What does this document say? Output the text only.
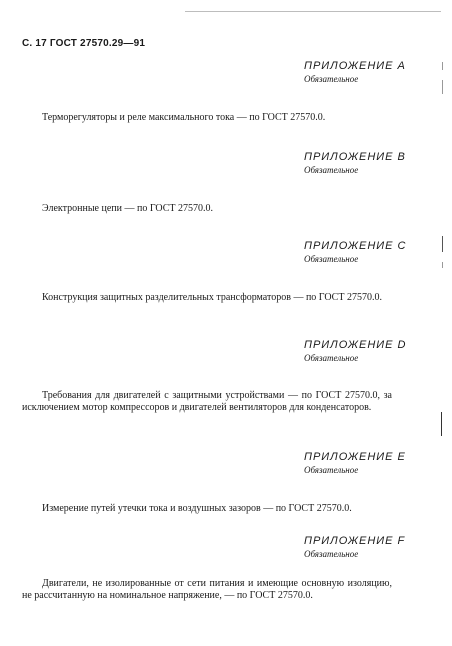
С. 17 ГОСТ 27570.29—91
ПРИЛОЖЕНИЕ А
Обязательное
Терморегуляторы и реле максимального тока — по ГОСТ 27570.0.
ПРИЛОЖЕНИЕ В
Обязательное
Электронные цепи — по ГОСТ 27570.0.
ПРИЛОЖЕНИЕ С
Обязательное
Конструкция защитных разделительных трансформаторов — по ГОСТ 27570.0.
ПРИЛОЖЕНИЕ D
Обязательное
Требования для двигателей с защитными устройствами — по ГОСТ 27570.0, за исключением мотор компрессоров и двигателей вентиляторов для конденсаторов.
ПРИЛОЖЕНИЕ Е
Обязательное
Измерение путей утечки тока и воздушных зазоров — по ГОСТ 27570.0.
ПРИЛОЖЕНИЕ F
Обязательное
Двигатели, не изолированные от сети питания и имеющие основную изоляцию, не рассчитанную на номинальное напряжение, — по ГОСТ 27570.0.
